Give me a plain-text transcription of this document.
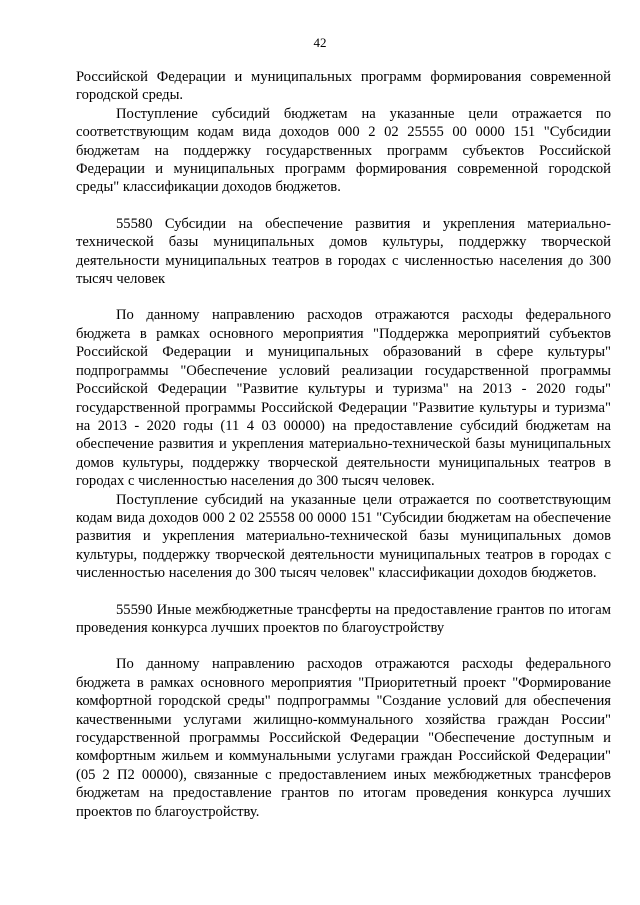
42

Российской Федерации и муниципальных программ формирования современной городской среды.

Поступление субсидий бюджетам на указанные цели отражается по соответствующим кодам вида доходов 000 2 02 25555 00 0000 151 "Субсидии бюджетам на поддержку государственных программ субъектов Российской Федерации и муниципальных программ формирования современной городской среды" классификации доходов бюджетов.

55580 Субсидии на обеспечение развития и укрепления материально-технической базы муниципальных домов культуры, поддержку творческой деятельности муниципальных театров в городах с численностью населения до 300 тысяч человек

По данному направлению расходов отражаются расходы федерального бюджета в рамках основного мероприятия "Поддержка мероприятий субъектов Российской Федерации и муниципальных образований в сфере культуры" подпрограммы "Обеспечение условий реализации государственной программы Российской Федерации "Развитие культуры и туризма" на 2013 - 2020 годы" государственной программы Российской Федерации "Развитие культуры и туризма" на 2013 - 2020 годы (11 4 03 00000) на предоставление субсидий бюджетам на обеспечение развития и укрепления материально-технической базы муниципальных домов культуры, поддержку творческой деятельности муниципальных театров в городах с численностью населения до 300 тысяч человек.

Поступление субсидий на указанные цели отражается по соответствующим кодам вида доходов 000 2 02 25558 00 0000 151 "Субсидии бюджетам на обеспечение развития и укрепления материально-технической базы муниципальных домов культуры, поддержку творческой деятельности муниципальных театров в городах с численностью населения до 300 тысяч человек" классификации доходов бюджетов.

55590 Иные межбюджетные трансферты на предоставление грантов по итогам проведения конкурса лучших проектов по благоустройству

По данному направлению расходов отражаются расходы федерального бюджета в рамках основного мероприятия "Приоритетный проект "Формирование комфортной городской среды" подпрограммы "Создание условий для обеспечения качественными услугами жилищно-коммунального хозяйства граждан России" государственной программы Российской Федерации "Обеспечение доступным и комфортным жильем и коммунальными услугами граждан Российской Федерации" (05 2 П2 00000), связанные с предоставлением иных межбюджетных трансферов бюджетам на предоставление грантов по итогам проведения конкурса лучших проектов по благоустройству.
